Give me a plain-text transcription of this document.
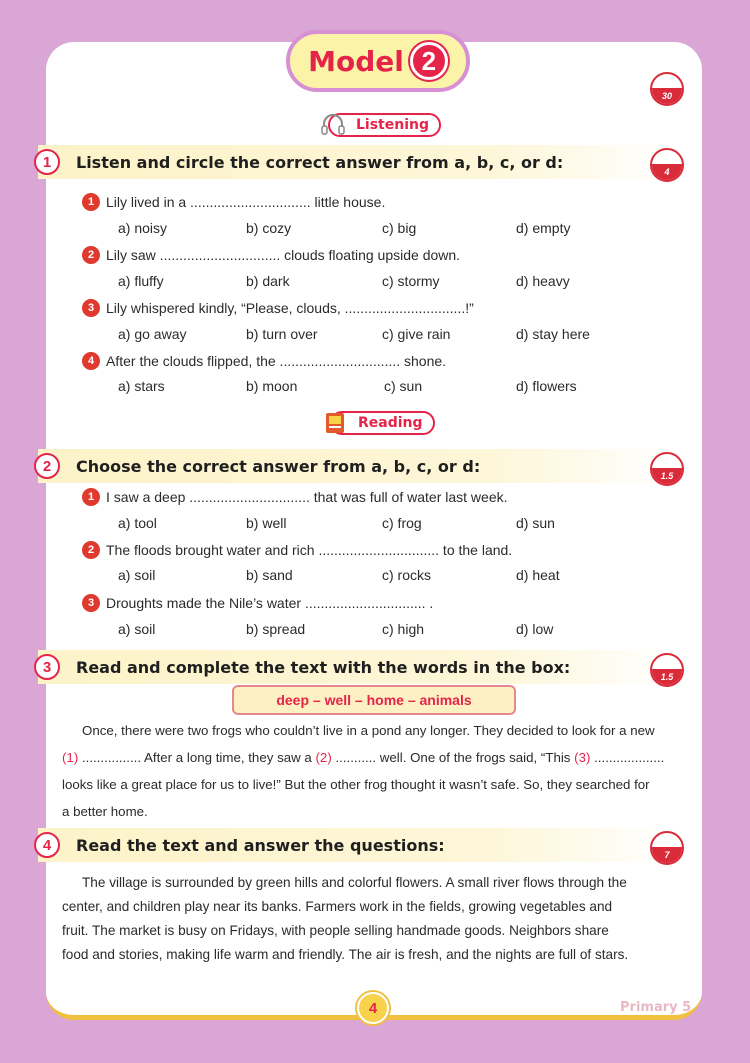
Model 2
30
Listening
1	Listen and circle the correct answer from a, b, c, or d:
4
1 Lily lived in a ............................... little house.
a) noisy	b) cozy	c) big	d) empty
2 Lily saw ............................... clouds floating upside down.
a) fluffy	b) dark	c) stormy	d) heavy
3 Lily whispered kindly, “Please, clouds, ...............................!”
a) go away	b) turn over	c) give rain	d) stay here
4 After the clouds flipped, the ............................... shone.
a) stars	b) moon	c) sun	d) flowers
Reading
2	Choose the correct answer from a, b, c, or d:
1.5
1 I saw a deep ............................... that was full of water last week.
a) tool	b) well	c) frog	d) sun
2 The floods brought water and rich ............................... to the land.
a) soil	b) sand	c) rocks	d) heat
3 Droughts made the Nile’s water ............................... .
a) soil	b) spread	c) high	d) low
3	Read and complete the text with the words in the box:
1.5
deep – well – home – animals
Once, there were two frogs who couldn’t live in a pond any longer. They decided to look for a new
(1) ................ After a long time, they saw a (2) ........... well. One of the frogs said, “This (3) ...................
looks like a great place for us to live!” But the other frog thought it wasn’t safe. So, they searched for
a better home.
4	Read the text and answer the questions:
7
The village is surrounded by green hills and colorful flowers. A small river flows through the
center, and children play near its banks. Farmers work in the fields, growing vegetables and
fruit. The market is busy on Fridays, with people selling handmade goods. Neighbors share
food and stories, making life warm and friendly. The air is fresh, and the nights are full of stars.
4	Primary 5
